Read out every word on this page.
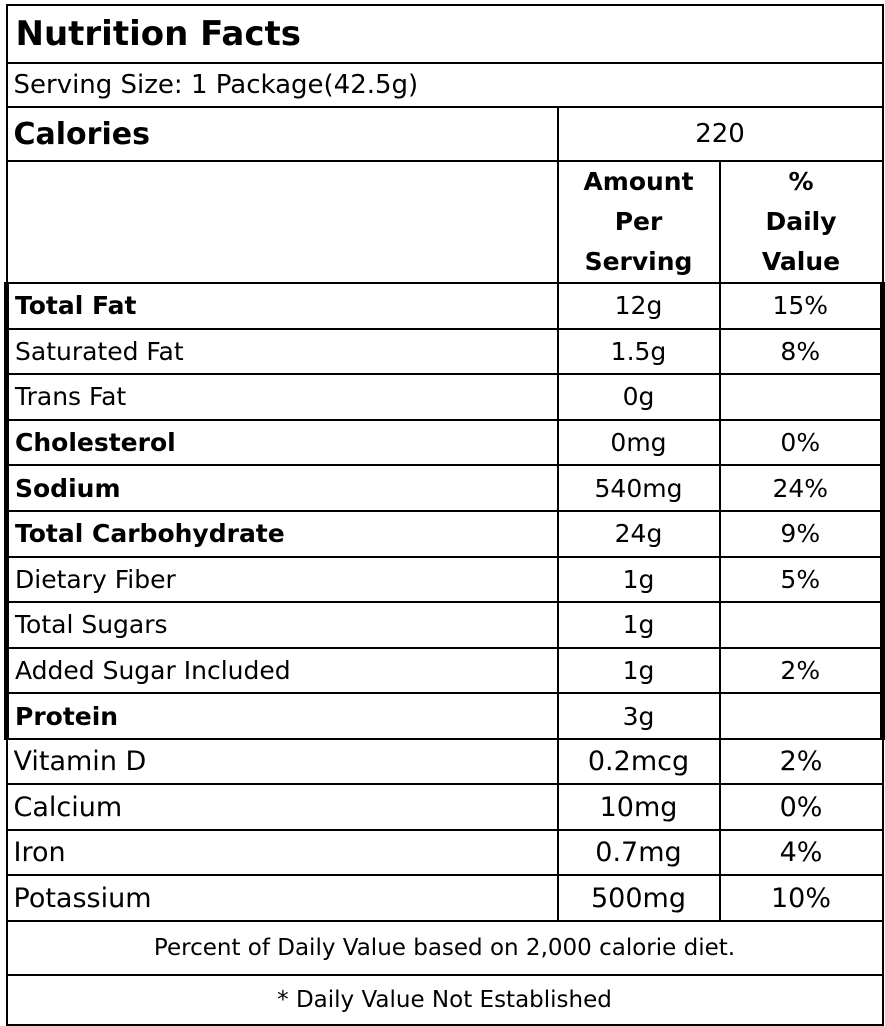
Nutrition Facts		
Serving Size: 1 Package(42.5g)		
Calories	220	
	Amount Per Serving	% Daily Value
Total Fat	12g	15%
Saturated Fat	1.5g	8%
Trans Fat	0g	
Cholesterol	0mg	0%
Sodium	540mg	24%
Total Carbohydrate	24g	9%
Dietary Fiber	1g	5%
Total Sugars	1g	
Added Sugar Included	1g	2%
Protein	3g	
Vitamin D	0.2mcg	2%
Calcium	10mg	0%
Iron	0.7mg	4%
Potassium	500mg	10%
Percent of Daily Value based on 2,000 calorie diet.		
* Daily Value Not Established		
